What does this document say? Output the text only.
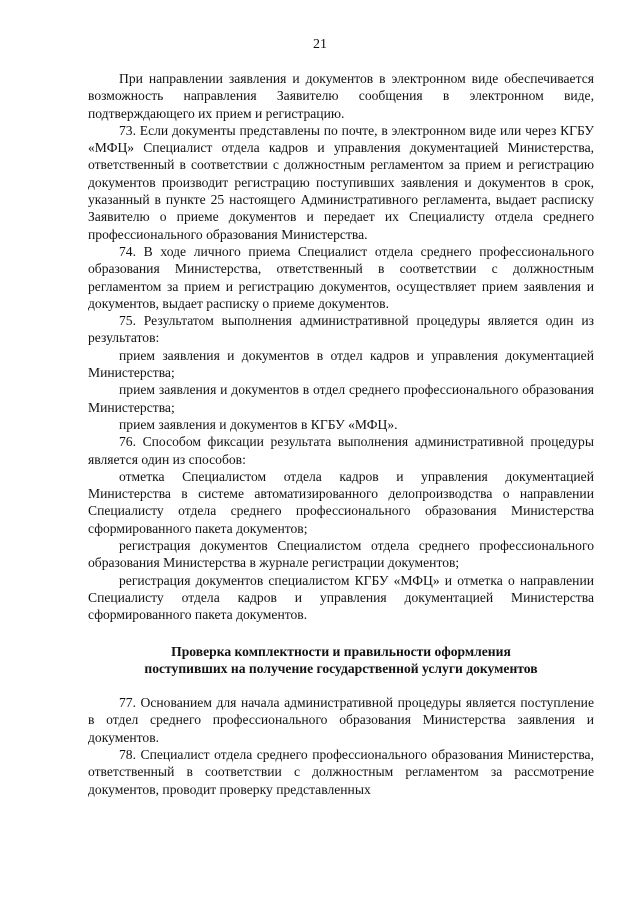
21

При направлении заявления и документов в электронном виде обеспечивается возможность направления Заявителю сообщения в электронном виде, подтверждающего их прием и регистрацию.

73. Если документы представлены по почте, в электронном виде или через КГБУ «МФЦ» Специалист отдела кадров и управления документацией Министерства, ответственный в соответствии с должностным регламентом за прием и регистрацию документов производит регистрацию поступивших заявления и документов в срок, указанный в пункте 25 настоящего Административного регламента, выдает расписку Заявителю о приеме документов и передает их Специалисту отдела среднего профессионального образования Министерства.

74. В ходе личного приема Специалист отдела среднего профессионального образования Министерства, ответственный в соответствии с должностным регламентом за прием и регистрацию документов, осуществляет прием заявления и документов, выдает расписку о приеме документов.

75. Результатом выполнения административной процедуры является один из результатов:

прием заявления и документов в отдел кадров и управления документацией Министерства;

прием заявления и документов в отдел среднего профессионального образования Министерства;

прием заявления и документов в КГБУ «МФЦ».

76. Способом фиксации результата выполнения административной процедуры является один из способов:

отметка Специалистом отдела кадров и управления документацией Министерства в системе автоматизированного делопроизводства о направлении Специалисту отдела среднего профессионального образования Министерства сформированного пакета документов;

регистрация документов Специалистом отдела среднего профессионального образования Министерства в журнале регистрации документов;

регистрация документов специалистом КГБУ «МФЦ» и отметка о направлении Специалисту отдела кадров и управления документацией Министерства сформированного пакета документов.

Проверка комплектности и правильности оформления
поступивших на получение государственной услуги документов

77. Основанием для начала административной процедуры является поступление в отдел среднего профессионального образования Министерства заявления и документов.

78. Специалист отдела среднего профессионального образования Министерства, ответственный в соответствии с должностным регламентом за рассмотрение документов, проводит проверку представленных
